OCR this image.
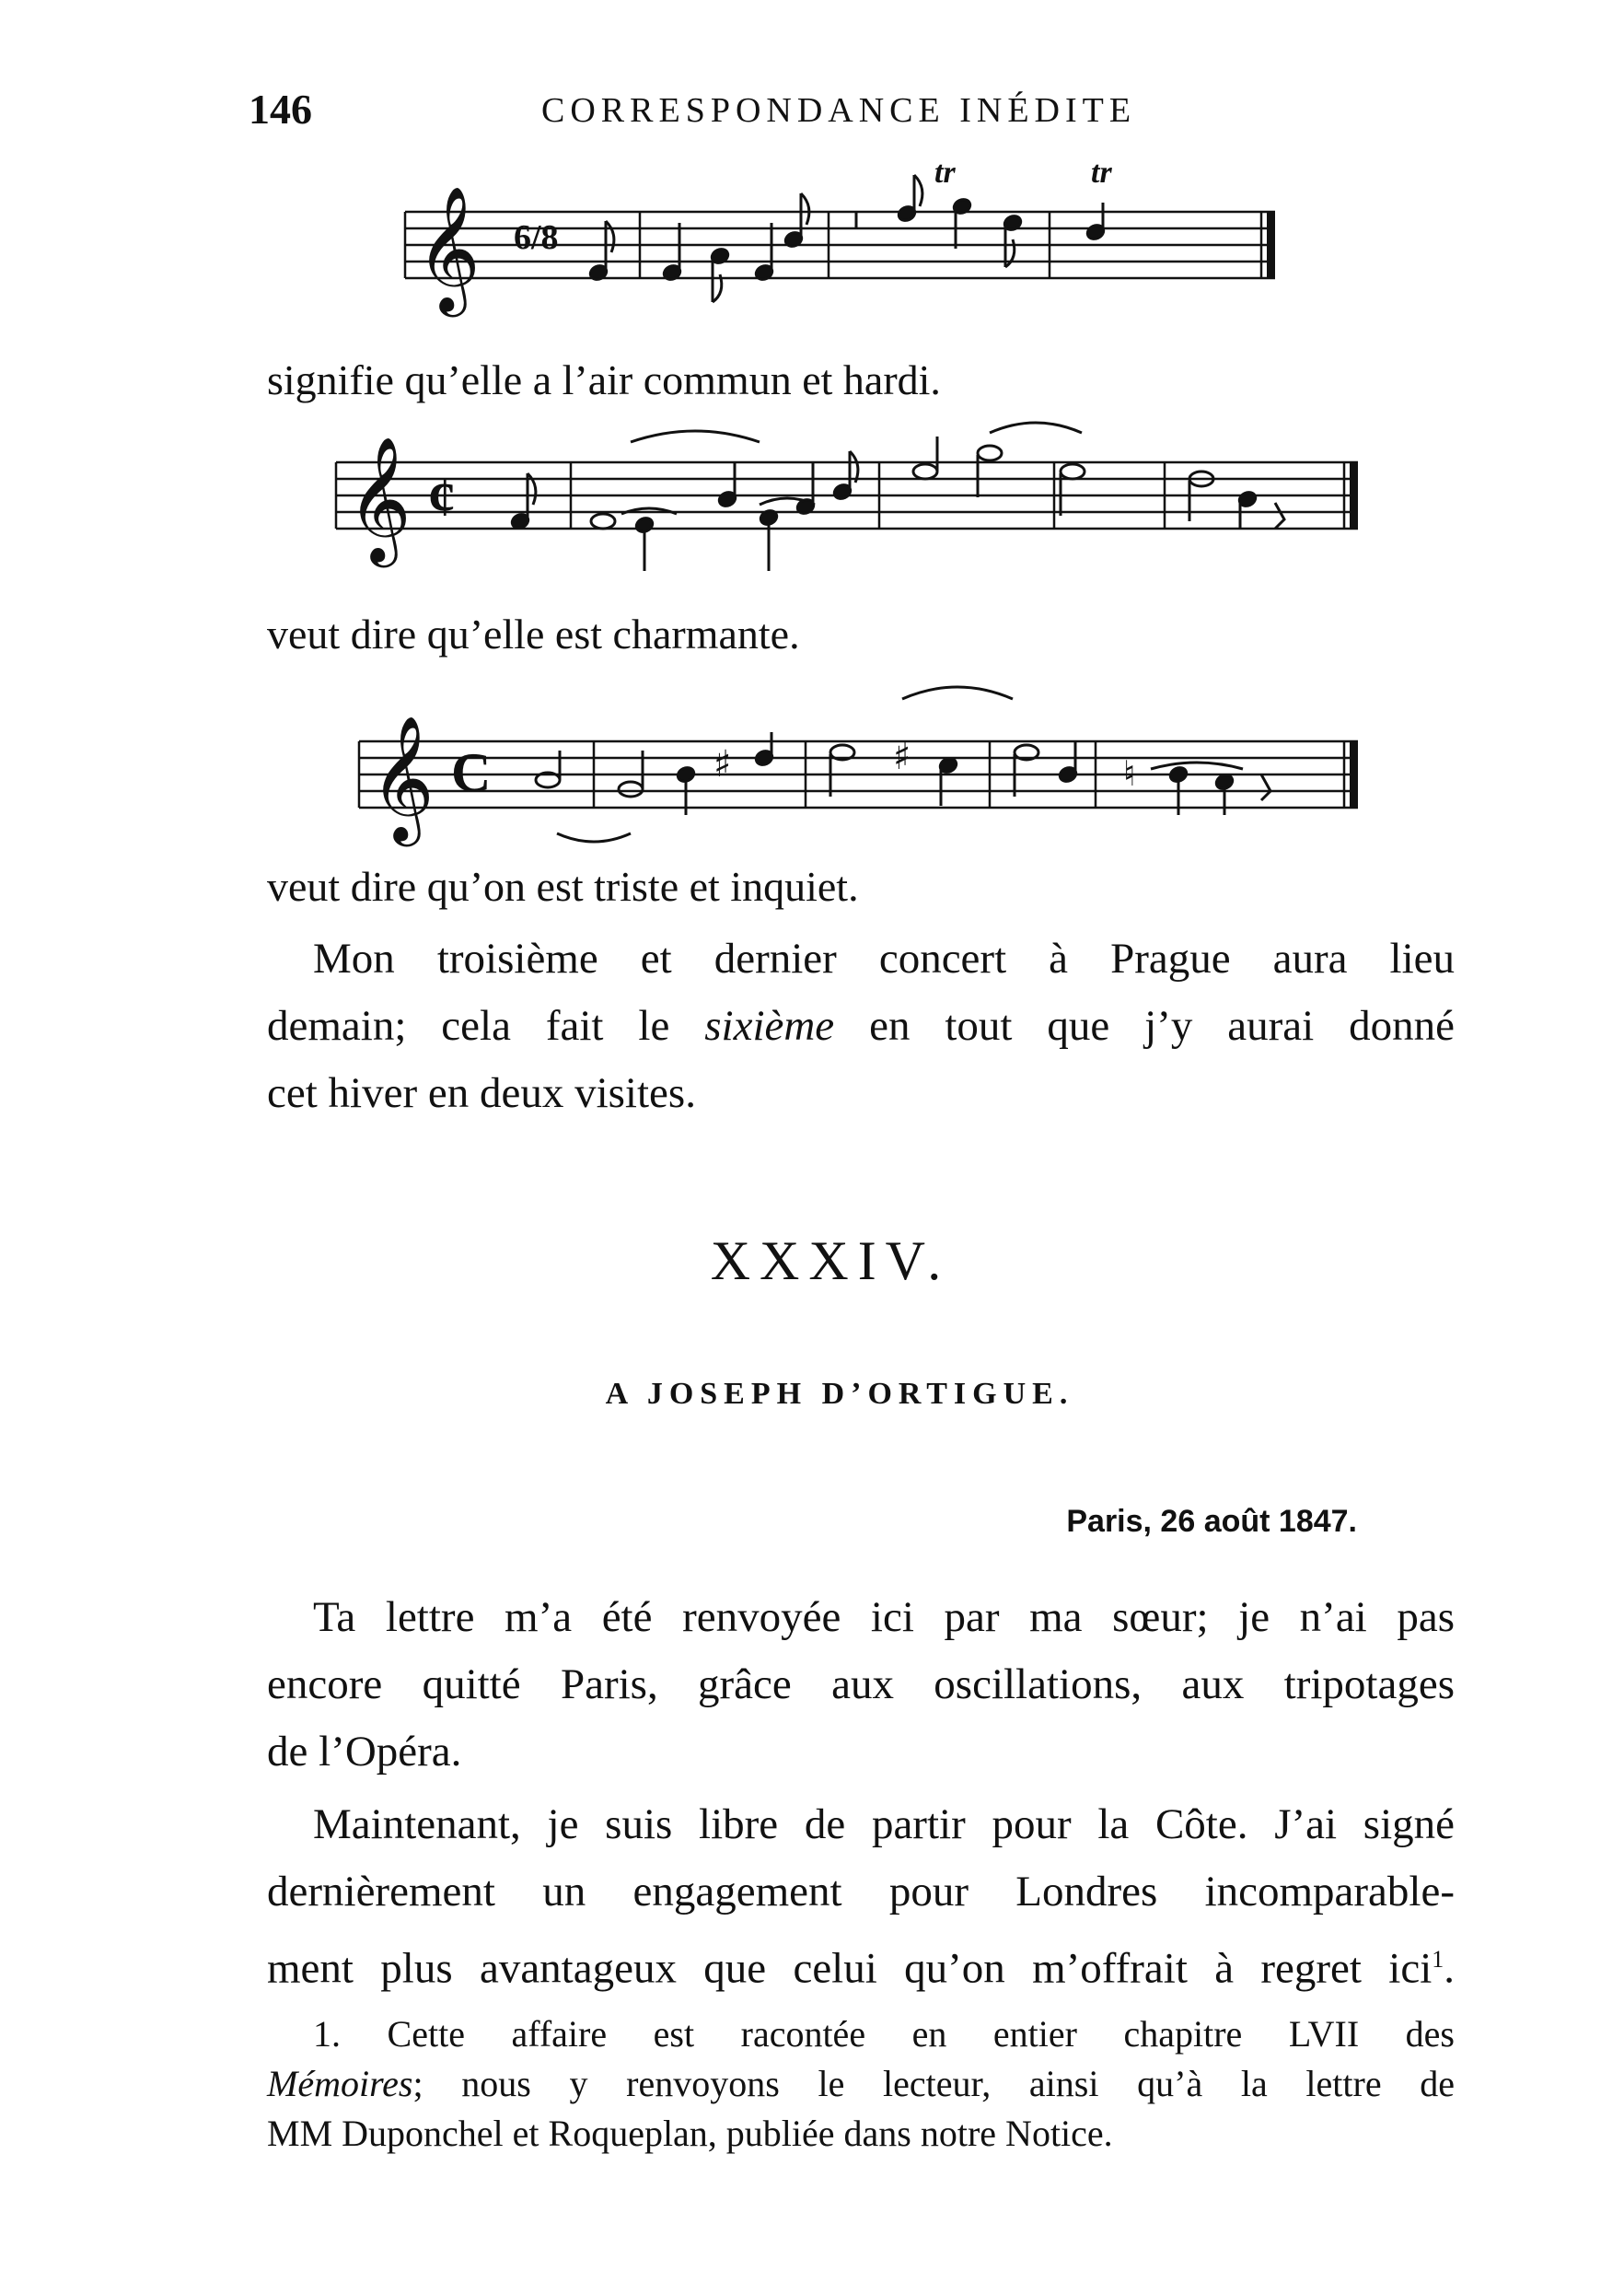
146	CORRESPONDANCE INÉDITE
𝄞 6/8
tr	tr
signifie qu’elle a l’air commun et hardi.
𝄞 ¢
veut dire qu’elle est charmante.
𝄞 C	♯	♯	♮
veut dire qu’on est triste et inquiet.
Mon troisième et dernier concert à Prague aura lieu
demain; cela fait le sixième en tout que j’y aurai donné
cet hiver en deux visites.
XXXIV.
A JOSEPH D’ORTIGUE.
Paris, 26 août 1847.
Ta lettre m’a été renvoyée ici par ma sœur; je n’ai pas
encore quitté Paris, grâce aux oscillations, aux tripotages
de l’Opéra.
Maintenant, je suis libre de partir pour la Côte. J’ai signé
dernièrement un engagement pour Londres incomparable-
ment plus avantageux que celui qu’on m’offrait à regret ici$^1$.
1. Cette affaire est racontée en entier chapitre LVII des
Mémoires; nous y renvoyons le lecteur, ainsi qu’à la lettre de
MM Duponchel et Roqueplan, publiée dans notre Notice.
